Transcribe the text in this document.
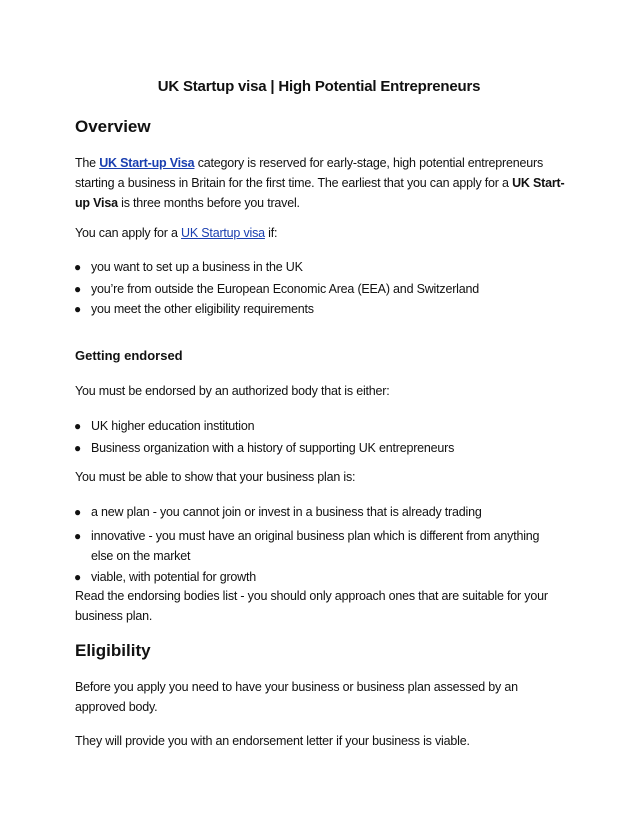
UK Startup visa | High Potential Entrepreneurs
Overview
The UK Start-up Visa category is reserved for early-stage, high potential entrepreneurs starting a business in Britain for the first time. The earliest that you can apply for a UK Start-up Visa is three months before you travel.
You can apply for a UK Startup visa if:
● you want to set up a business in the UK
● you’re from outside the European Economic Area (EEA) and Switzerland
● you meet the other eligibility requirements
Getting endorsed
You must be endorsed by an authorized body that is either:
● UK higher education institution
● Business organization with a history of supporting UK entrepreneurs
You must be able to show that your business plan is:
● a new plan - you cannot join or invest in a business that is already trading
● innovative - you must have an original business plan which is different from anything else on the market
● viable, with potential for growth
Read the endorsing bodies list - you should only approach ones that are suitable for your business plan.
Eligibility
Before you apply you need to have your business or business plan assessed by an approved body.
They will provide you with an endorsement letter if your business is viable.
